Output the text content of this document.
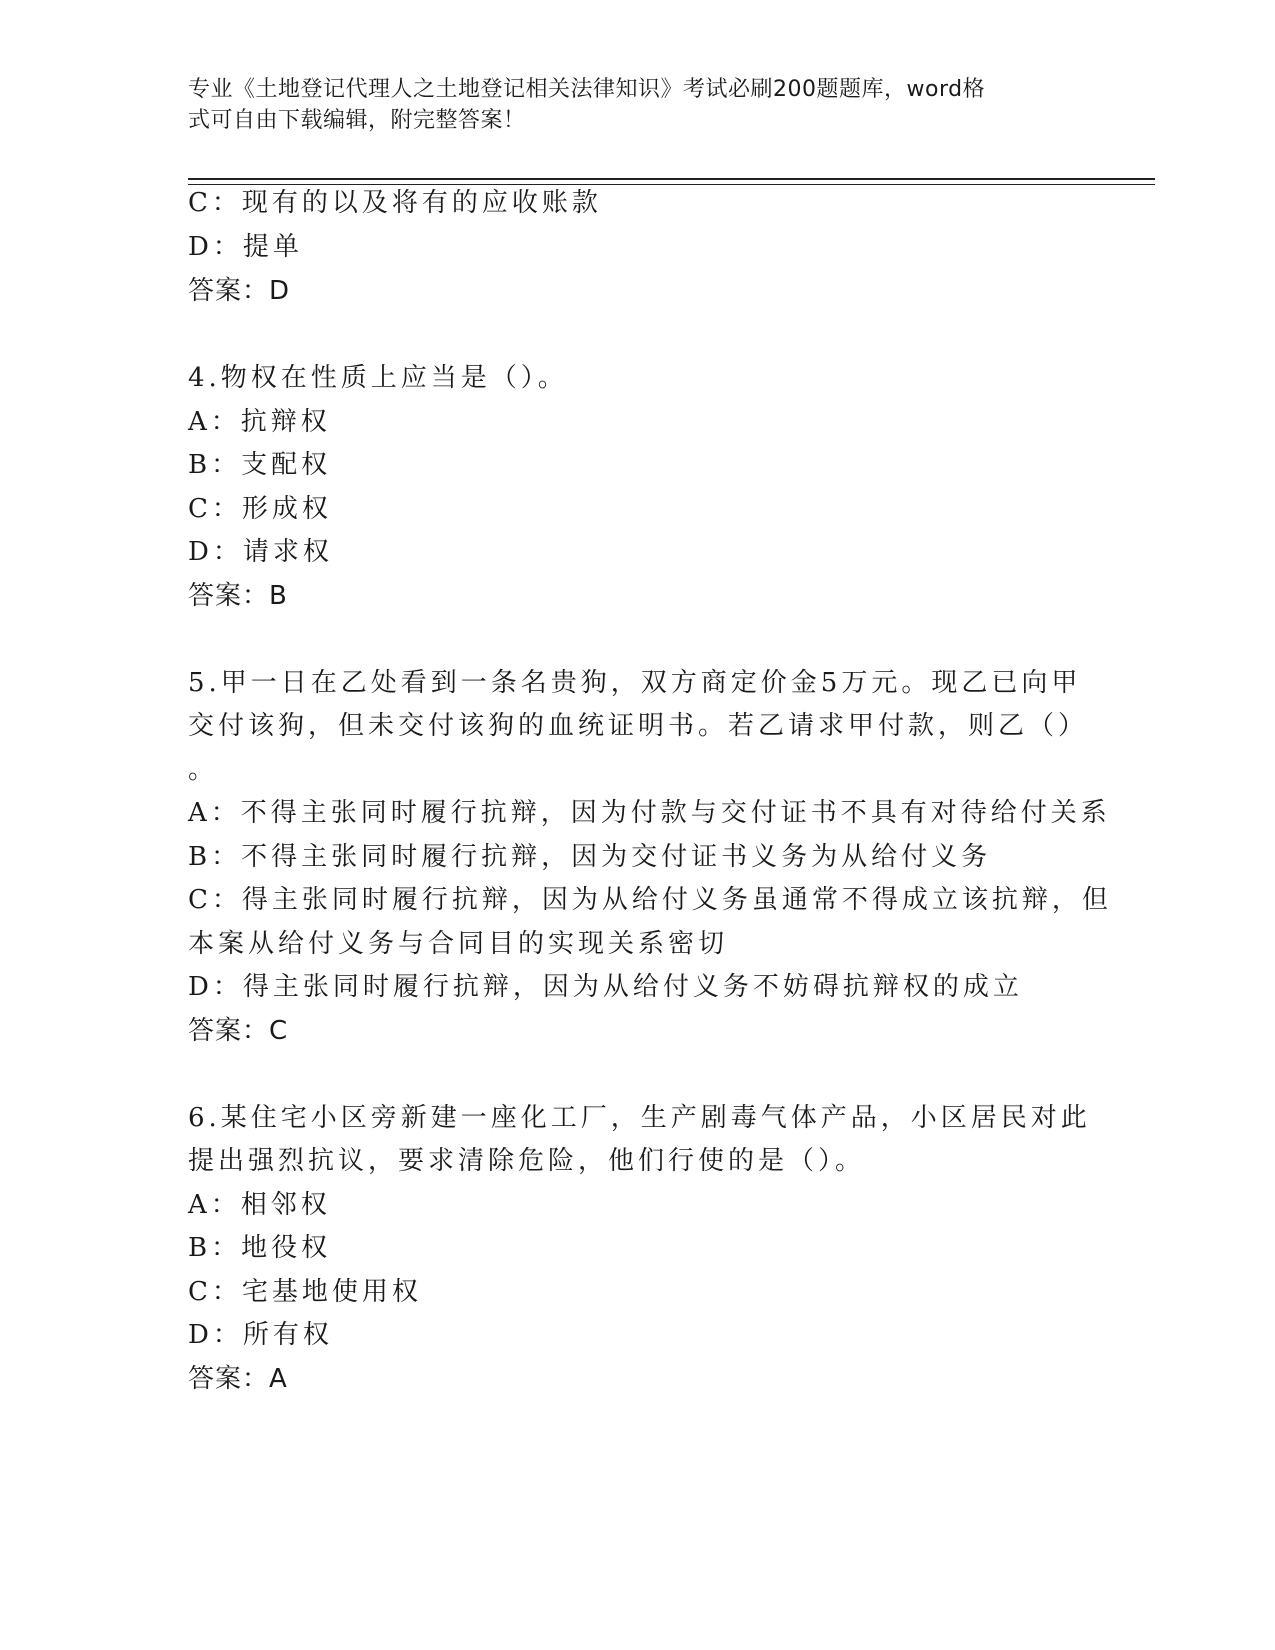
专业《土地登记代理人之土地登记相关法律知识》考试必刷200题题库，word格
式可自由下载编辑，附完整答案！
C：现有的以及将有的应收账款
D：提单
答案：D
4.物权在性质上应当是（）。
A：抗辩权
B：支配权
C：形成权
D：请求权
答案：B
5.甲一日在乙处看到一条名贵狗，双方商定价金5万元。现乙已向甲
交付该狗，但未交付该狗的血统证明书。若乙请求甲付款，则乙（）
。
A：不得主张同时履行抗辩，因为付款与交付证书不具有对待给付关系
B：不得主张同时履行抗辩，因为交付证书义务为从给付义务
C：得主张同时履行抗辩，因为从给付义务虽通常不得成立该抗辩，但
本案从给付义务与合同目的实现关系密切
D：得主张同时履行抗辩，因为从给付义务不妨碍抗辩权的成立
答案：C
6.某住宅小区旁新建一座化工厂，生产剧毒气体产品，小区居民对此
提出强烈抗议，要求清除危险，他们行使的是（）。
A：相邻权
B：地役权
C：宅基地使用权
D：所有权
答案：A
